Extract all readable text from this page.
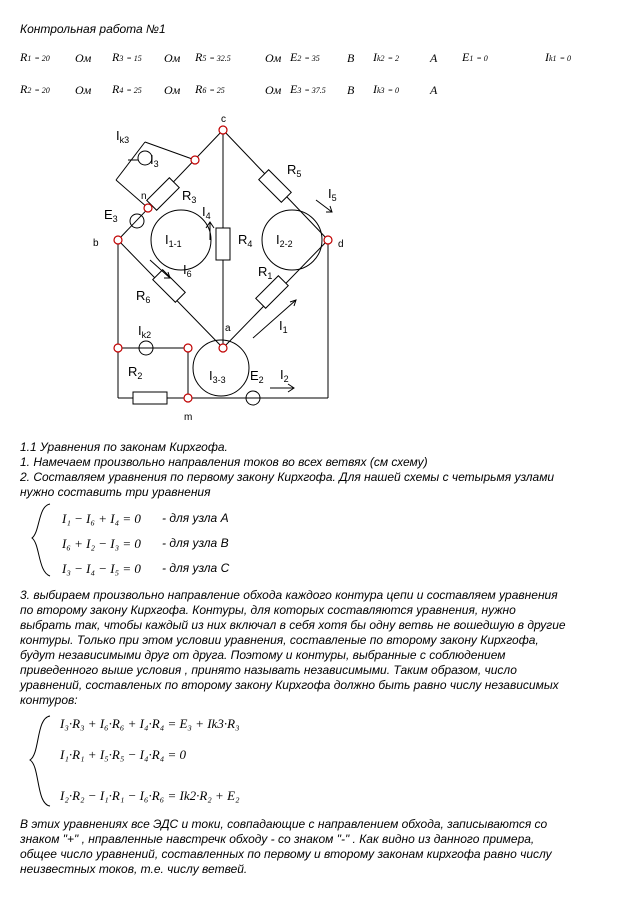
Контрольная работа №1
R1 = 20 Ом R3 = 15 Ом R5 = 32.5	Ом E2 = 35 В Ik2 = 2	А E1 = 0	Ik1 = 0
R2 = 20 Ом R4 = 25 Ом R6 = 25	Ом E3 = 37.5 В Ik3 = 0	А
$I_{k3}$
$I_3$
c
n	$R_3$
$E_3$
b	$I_{1-1}$
$I_4$
$R_4$
$R_5$
$I_5$
$I_{2-2}$	d
$R_1$
$I_6$
$R_6$
a	$I_1$
$I_{k2}$
$R_2$	$I_{3-3}$ $E_2$ $I_2$
m
1.1 Уравнения по законам Кирхгофа.
1. Намечаем произвольно направления токов во всех ветвях (см схему)
2. Составляем уравнения по первому закону Кирхгофа. Для нашей схемы с четырьмя узлами
нужно составить три уравнения
I₁ − I₆ + I₄ = 0 - для узла А
I₆ + I₂ − I₃ = 0 - для узла В
I₃ − I₄ − I₅ = 0 - для узла С
3. выбираем произвольно направление обхода каждого контура цепи и составляем уравнения
по второму закону Кирхгофа. Контуры, для которых составляются уравнения, нужно
выбрать так, чтобы каждый из них включал в себя хотя бы одну ветвь не вошедшую в другие
контуры. Только при этом условии уравнения, составленые по второму закону Кирхгофа,
будут независимыми друг от друга. Поэтому и контуры, выбранные с соблюдением
приведенного выше условия , принято называть независимыми. Таким образом, число
уравнений, составленых по второму закону Кирхгофа должно быть равно числу независимых
контуров:
I₃·R₃ + I₆·R₆ + I₄·R₄ = E₃ + Ik3·R₃
I₁·R₁ + I₅·R₅ − I₄·R₄ = 0
I₂·R₂ − I₁·R₁ − I₆·R₆ = Ik2·R₂ + E₂
В этих уравнениях все ЭДС и токи, совпадающие с направлением обхода, записываются со
знаком "+" , нправленные навстречк обходу - со знаком "-" . Как видно из данного примера,
общее число уравнений, составленных по первому и второму законам кирхгофа равно числу
неизвестных токов, т.е. числу ветвей.
